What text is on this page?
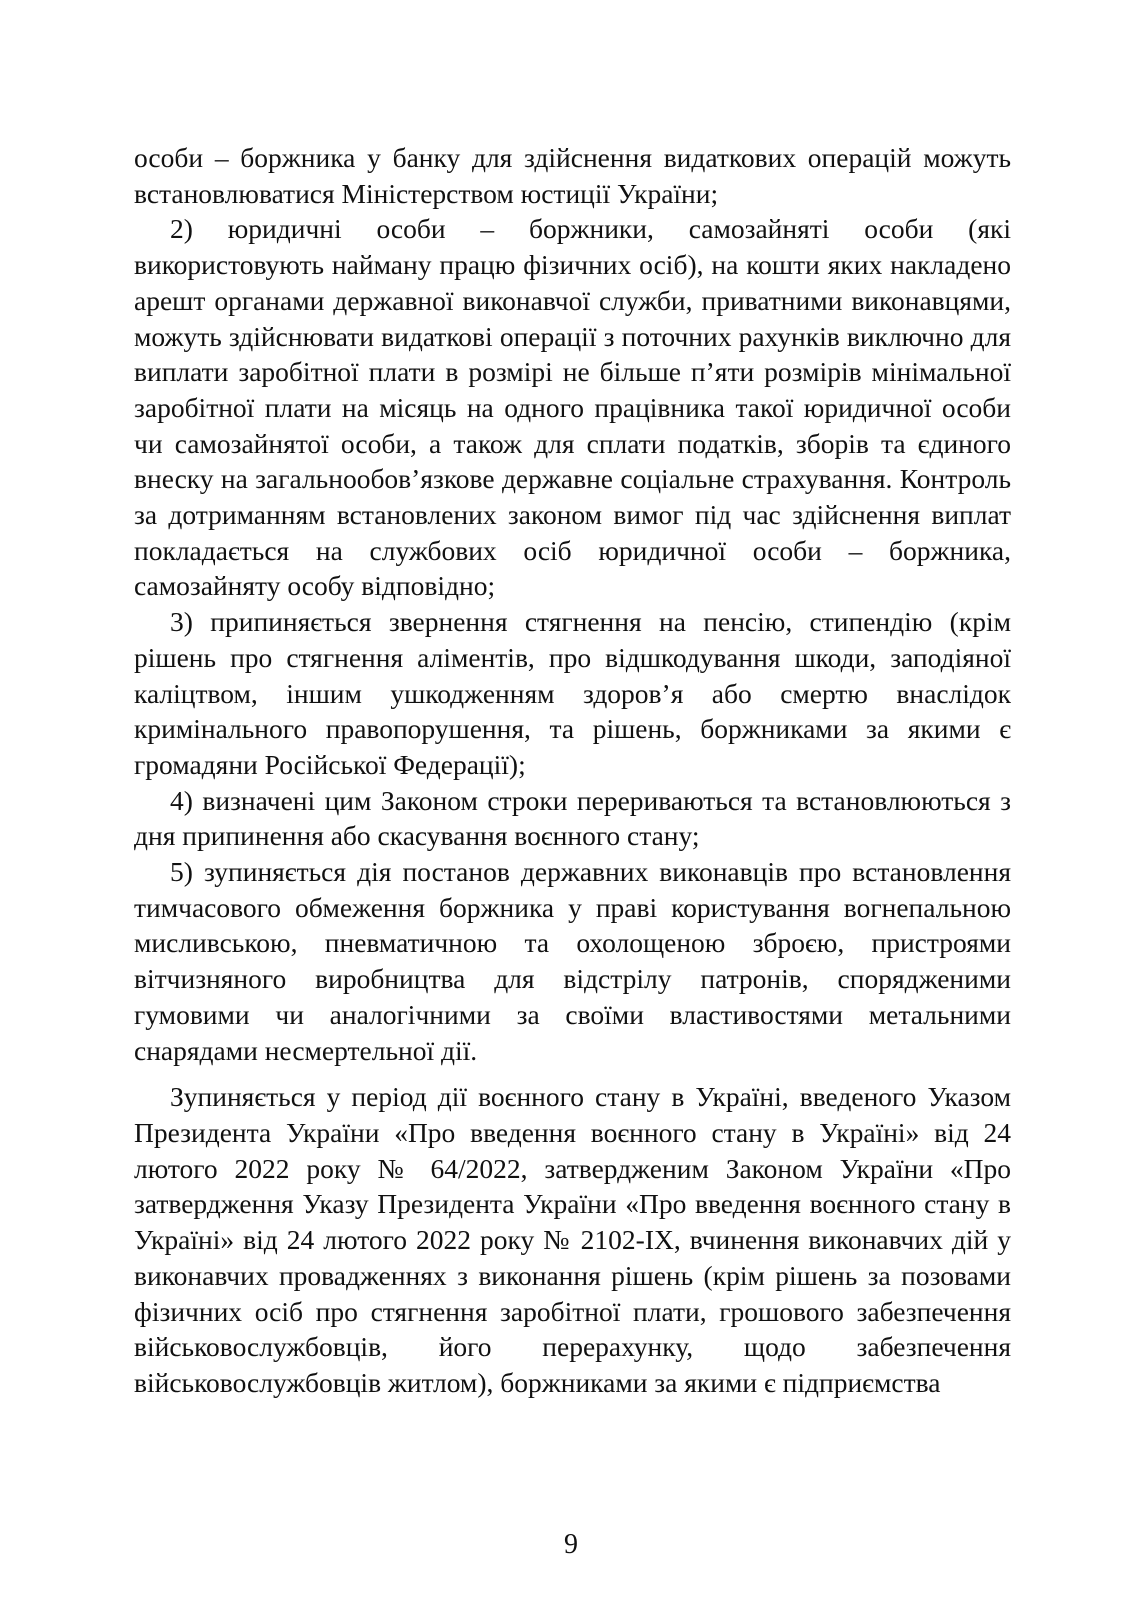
особи – боржника у банку для здійснення видаткових операцій можуть встановлюватися Міністерством юстиції України;

2) юридичні особи – боржники, самозайняті особи (які використовують найману працю фізичних осіб), на кошти яких накладено арешт органами державної виконавчої служби, приватними виконавцями, можуть здійснювати видаткові операції з поточних рахунків виключно для виплати заробітної плати в розмірі не більше п’яти розмірів мінімальної заробітної плати на місяць на одного працівника такої юридичної особи чи самозайнятої особи, а також для сплати податків, зборів та єдиного внеску на загальнообов’язкове державне соціальне страхування. Контроль за дотриманням встановлених законом вимог під час здійснення виплат покладається на службових осіб юридичної особи – боржника, самозайняту особу відповідно;

3) припиняється звернення стягнення на пенсію, стипендію (крім рішень про стягнення аліментів, про відшкодування шкоди, заподіяної каліцтвом, іншим ушкодженням здоров’я або смертю внаслідок кримінального правопорушення, та рішень, боржниками за якими є громадяни Російської Федерації);

4) визначені цим Законом строки перериваються та встановлюються з дня припинення або скасування воєнного стану;

5) зупиняється дія постанов державних виконавців про встановлення тимчасового обмеження боржника у праві користування вогнепальною мисливською, пневматичною та охолощеною зброєю, пристроями вітчизняного виробництва для відстрілу патронів, спорядженими гумовими чи аналогічними за своїми властивостями метальними снарядами несмертельної дії.

Зупиняється у період дії воєнного стану в Україні, введеного Указом Президента України «Про введення воєнного стану в Україні» від 24 лютого 2022 року № 64/2022, затвердженим Законом України «Про затвердження Указу Президента України «Про введення воєнного стану в Україні» від 24 лютого 2022 року № 2102-IX, вчинення виконавчих дій у виконавчих провадженнях з виконання рішень (крім рішень за позовами фізичних осіб про стягнення заробітної плати, грошового забезпечення військовослужбовців, його перерахунку, щодо забезпечення військовослужбовців житлом), боржниками за якими є підприємства

9
